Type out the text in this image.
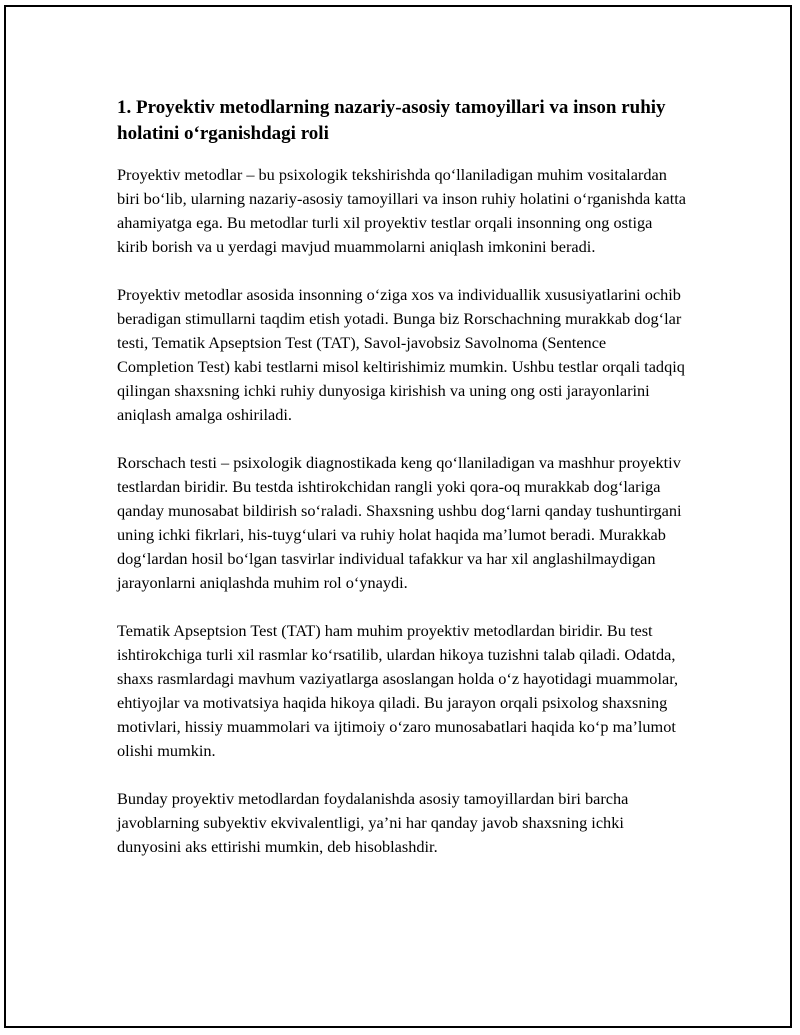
1. Proyektiv metodlarning nazariy-asosiy tamoyillari va inson ruhiy holatini o‘rganishdagi roli

Proyektiv metodlar – bu psixologik tekshirishda qo‘llaniladigan muhim vositalardan biri bo‘lib, ularning nazariy-asosiy tamoyillari va inson ruhiy holatini o‘rganishda katta ahamiyatga ega. Bu metodlar turli xil proyektiv testlar orqali insonning ong ostiga kirib borish va u yerdagi mavjud muammolarni aniqlash imkonini beradi.

Proyektiv metodlar asosida insonning o‘ziga xos va individuallik xususiyatlarini ochib beradigan stimullarni taqdim etish yotadi. Bunga biz Rorschachning murakkab dog‘lar testi, Tematik Apseptsion Test (TAT), Savol-javobsiz Savolnoma (Sentence Completion Test) kabi testlarni misol keltirishimiz mumkin. Ushbu testlar orqali tadqiq qilingan shaxsning ichki ruhiy dunyosiga kirishish va uning ong osti jarayonlarini aniqlash amalga oshiriladi.

Rorschach testi – psixologik diagnostikada keng qo‘llaniladigan va mashhur proyektiv testlardan biridir. Bu testda ishtirokchidan rangli yoki qora-oq murakkab dog‘lariga qanday munosabat bildirish so‘raladi. Shaxsning ushbu dog‘larni qanday tushuntirgani uning ichki fikrlari, his-tuyg‘ulari va ruhiy holat haqida ma’lumot beradi. Murakkab dog‘lardan hosil bo‘lgan tasvirlar individual tafakkur va har xil anglashilmaydigan jarayonlarni aniqlashda muhim rol o‘ynaydi.

Tematik Apseptsion Test (TAT) ham muhim proyektiv metodlardan biridir. Bu test ishtirokchiga turli xil rasmlar ko‘rsatilib, ulardan hikoya tuzishni talab qiladi. Odatda, shaxs rasmlardagi mavhum vaziyatlarga asoslangan holda o‘z hayotidagi muammolar, ehtiyojlar va motivatsiya haqida hikoya qiladi. Bu jarayon orqali psixolog shaxsning motivlari, hissiy muammolari va ijtimoiy o‘zaro munosabatlari haqida ko‘p ma’lumot olishi mumkin.

Bunday proyektiv metodlardan foydalanishda asosiy tamoyillardan biri barcha javoblarning subyektiv ekvivalentligi, ya’ni har qanday javob shaxsning ichki dunyosini aks ettirishi mumkin, deb hisoblashdir.
